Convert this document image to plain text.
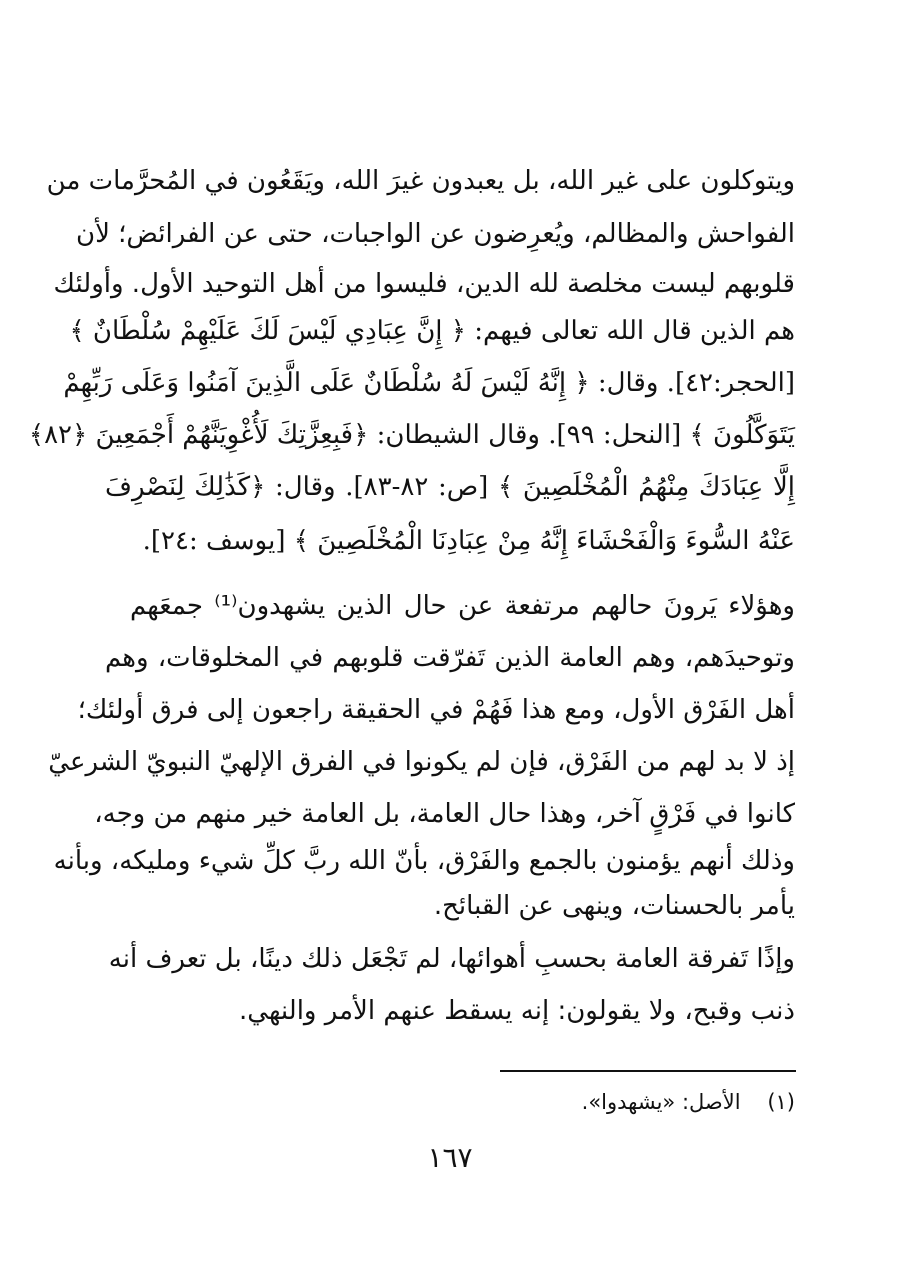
ويتوكلون على غير الله، بل يعبدون غيرَ الله، ويَقَعُون في المُحرَّمات من
الفواحش والمظالم، ويُعرِضون عن الواجبات، حتى عن الفرائض؛ لأن
قلوبهم ليست مخلصة لله الدين، فليسوا من أهل التوحيد الأول. وأولئك
هم الذين قال الله تعالى فيهم: ﴿ إِنَّ عِبَادِي لَيْسَ لَكَ عَلَيْهِمْ سُلْطَانٌ ﴾
[الحجر:٤٢]. وقال: ﴿ إِنَّهُ لَيْسَ لَهُ سُلْطَانٌ عَلَى الَّذِينَ آمَنُوا وَعَلَى رَبِّهِمْ
يَتَوَكَّلُونَ ﴾ [النحل: ٩٩]. وقال الشيطان: ﴿فَبِعِزَّتِكَ لَأُغْوِيَنَّهُمْ أَجْمَعِينَ ﴿٨٢﴾
إِلَّا عِبَادَكَ مِنْهُمُ الْمُخْلَصِينَ ﴾ [ص: ٨٢-٨٣]. وقال: ﴿كَذَٰلِكَ لِنَصْرِفَ
عَنْهُ السُّوءَ وَالْفَحْشَاءَ إِنَّهُ مِنْ عِبَادِنَا الْمُخْلَصِينَ ﴾ [يوسف :٢٤].
وهؤلاء يَرونَ حالهم مرتفعة عن حال الذين يشهدون⁽¹⁾ جمعَهم
وتوحيدَهم، وهم العامة الذين تَفرّقت قلوبهم في المخلوقات، وهم
أهل الفَرْق الأول، ومع هذا فَهُمْ في الحقيقة راجعون إلى فرق أولئك؛
إذ لا بد لهم من الفَرْق، فإن لم يكونوا في الفرق الإلهيّ النبويّ الشرعيّ
كانوا في فَرْقٍ آخر، وهذا حال العامة، بل العامة خير منهم من وجه،
وذلك أنهم يؤمنون بالجمع والفَرْق، بأنّ الله ربَّ كلِّ شيء ومليكه، وبأنه
يأمر بالحسنات، وينهى عن القبائح.
وإذًا تَفرقة العامة بحسبِ أهوائها، لم تَجْعَل ذلك دينًا، بل تعرف أنه
ذنب وقبح، ولا يقولون: إنه يسقط عنهم الأمر والنهي.
(١)    الأصل: «يشهدوا».
١٦٧
